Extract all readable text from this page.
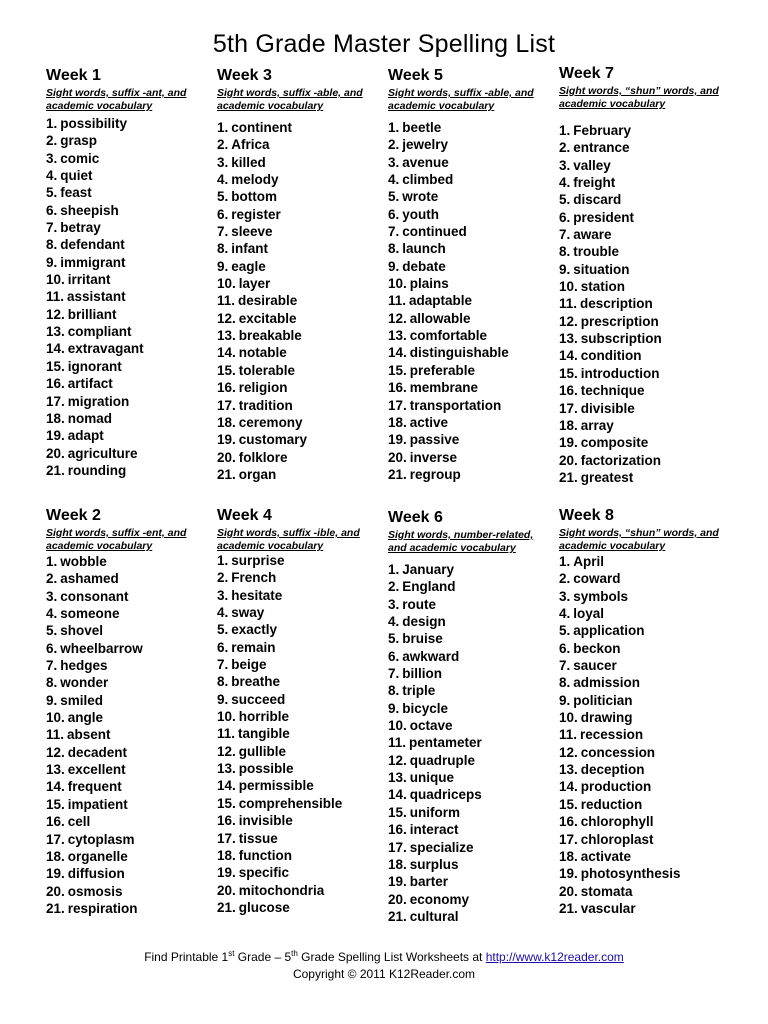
5th Grade Master Spelling List
Week 1
Sight words, suffix -ant, and academic vocabulary
1. possibility
2. grasp
3. comic
4. quiet
5. feast
6. sheepish
7. betray
8. defendant
9. immigrant
10. irritant
11. assistant
12. brilliant
13. compliant
14. extravagant
15. ignorant
16. artifact
17. migration
18. nomad
19. adapt
20. agriculture
21. rounding
Week 3
Sight words, suffix -able, and academic vocabulary
1. continent
2. Africa
3. killed
4. melody
5. bottom
6. register
7. sleeve
8. infant
9. eagle
10. layer
11. desirable
12. excitable
13. breakable
14. notable
15. tolerable
16. religion
17. tradition
18. ceremony
19. customary
20. folklore
21. organ
Week 5
Sight words, suffix -able, and academic vocabulary
1. beetle
2. jewelry
3. avenue
4. climbed
5. wrote
6. youth
7. continued
8. launch
9. debate
10. plains
11. adaptable
12. allowable
13. comfortable
14. distinguishable
15. preferable
16. membrane
17. transportation
18. active
19. passive
20. inverse
21. regroup
Week 7
Sight words, “shun” words, and academic vocabulary
1. February
2. entrance
3. valley
4. freight
5. discard
6. president
7. aware
8. trouble
9. situation
10. station
11. description
12. prescription
13. subscription
14. condition
15. introduction
16. technique
17. divisible
18. array
19. composite
20. factorization
21. greatest
Week 2
Sight words, suffix -ent, and academic vocabulary
1. wobble
2. ashamed
3. consonant
4. someone
5. shovel
6. wheelbarrow
7. hedges
8. wonder
9. smiled
10. angle
11. absent
12. decadent
13. excellent
14. frequent
15. impatient
16. cell
17. cytoplasm
18. organelle
19. diffusion
20. osmosis
21. respiration
Week 4
Sight words, suffix -ible, and academic vocabulary
1. surprise
2. French
3. hesitate
4. sway
5. exactly
6. remain
7. beige
8. breathe
9. succeed
10. horrible
11. tangible
12. gullible
13. possible
14. permissible
15. comprehensible
16. invisible
17. tissue
18. function
19. specific
20. mitochondria
21. glucose
Week 6
Sight words, number-related, and academic vocabulary
1. January
2. England
3. route
4. design
5. bruise
6. awkward
7. billion
8. triple
9. bicycle
10. octave
11. pentameter
12. quadruple
13. unique
14. quadriceps
15. uniform
16. interact
17. specialize
18. surplus
19. barter
20. economy
21. cultural
Week 8
Sight words, “shun” words, and academic vocabulary
1. April
2. coward
3. symbols
4. loyal
5. application
6. beckon
7. saucer
8. admission
9. politician
10. drawing
11. recession
12. concession
13. deception
14. production
15. reduction
16. chlorophyll
17. chloroplast
18. activate
19. photosynthesis
20. stomata
21. vascular
Find Printable 1st Grade – 5th Grade Spelling List Worksheets at http://www.k12reader.com
Copyright © 2011 K12Reader.com
